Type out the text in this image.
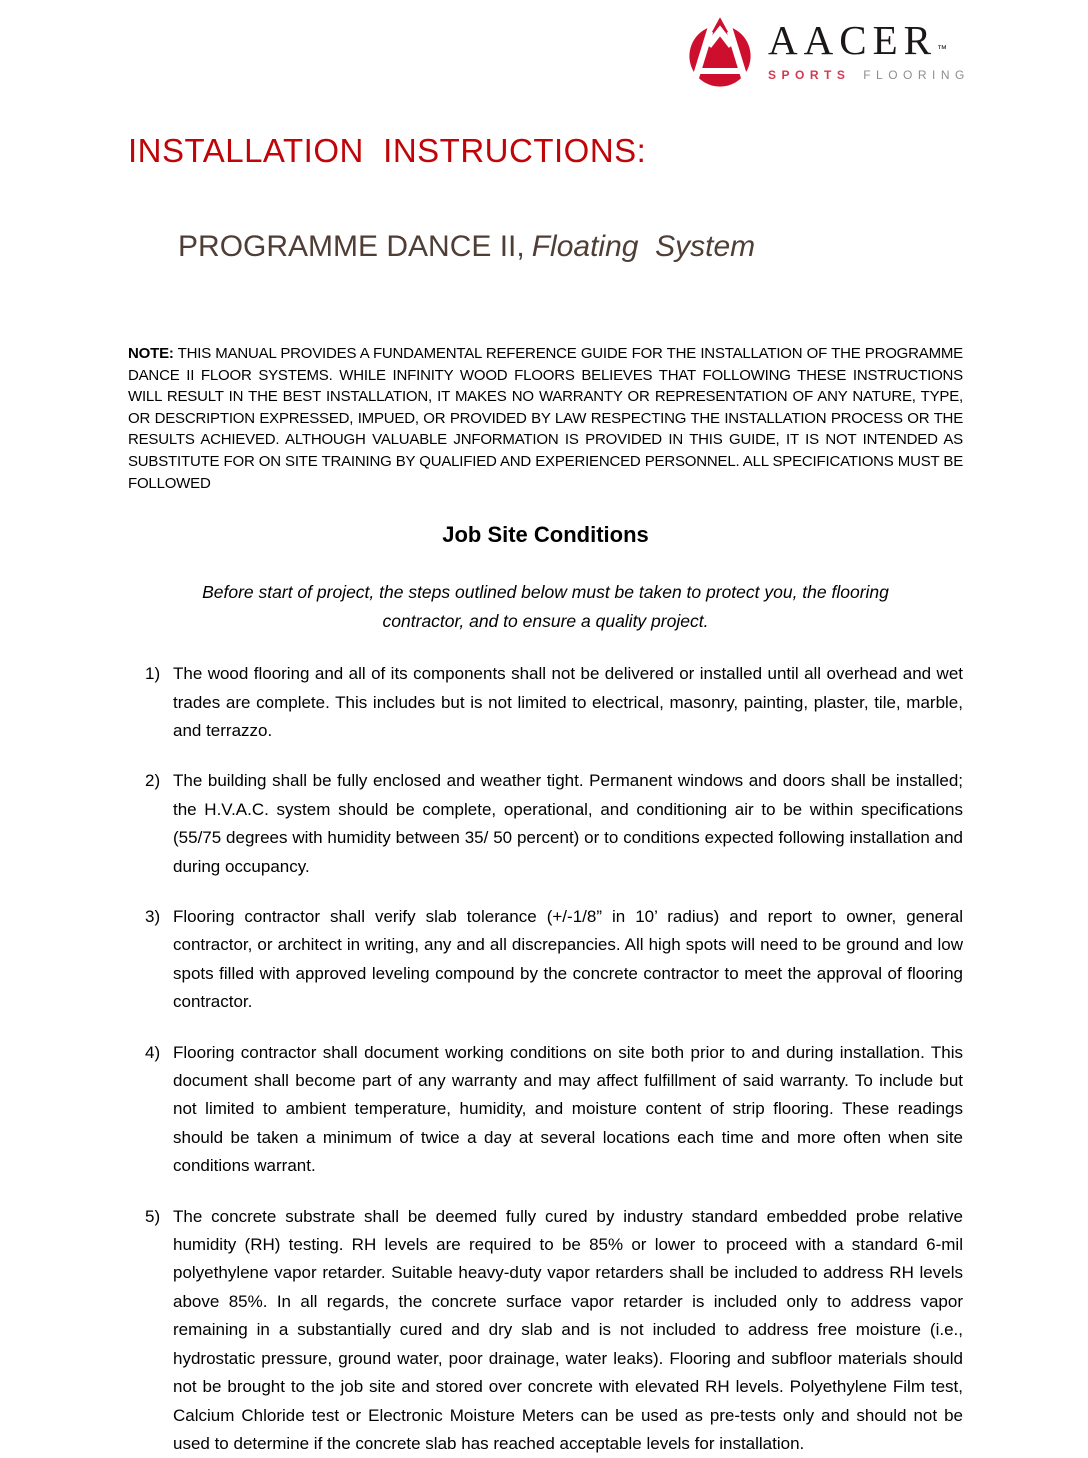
AACER™
SPORTS FLOORING
INSTALLATION  INSTRUCTIONS:

PROGRAMME DANCE II, Floating  System

NOTE: THIS MANUAL PROVIDES A FUNDAMENTAL REFERENCE GUIDE FOR THE INSTALLATION OF THE PROGRAMME DANCE II FLOOR SYSTEMS. WHILE INFINITY WOOD FLOORS BELIEVES THAT FOLLOWING THESE INSTRUCTIONS WILL RESULT IN THE BEST INSTALLATION, IT MAKES NO WARRANTY OR REPRESENTATION OF ANY NATURE, TYPE, OR DESCRIPTION EXPRESSED, IMPUED, OR PROVIDED BY LAW RESPECTING THE INSTALLATION PROCESS OR THE RESULTS ACHIEVED. ALTHOUGH VALUABLE JNFORMATION IS PROVIDED IN THIS GUIDE, IT IS NOT INTENDED AS SUBSTITUTE FOR ON SITE TRAINING BY QUALIFIED AND EXPERIENCED PERSONNEL. ALL SPECIFICATIONS MUST BE FOLLOWED

Job Site Conditions
Before start of project, the steps outlined below must be taken to protect you, the flooring
contractor, and to ensure a quality project.
1) The wood flooring and all of its components shall not be delivered or installed until all overhead and wet trades are complete. This includes but is not limited to electrical, masonry, painting, plaster, tile, marble, and terrazzo.
2) The building shall be fully enclosed and weather tight. Permanent windows and doors shall be installed; the H.V.A.C. system should be complete, operational, and conditioning air to be within specifications (55/75 degrees with humidity between 35/ 50 percent) or to conditions expected following installation and during occupancy.
3) Flooring contractor shall verify slab tolerance (+/-1/8” in 10’ radius) and report to owner, general contractor, or architect in writing, any and all discrepancies. All high spots will need to be ground and low spots filled with approved leveling compound by the concrete contractor to meet the approval of flooring contractor.
4) Flooring contractor shall document working conditions on site both prior to and during installation. This document shall become part of any warranty and may affect fulfillment of said warranty. To include but not limited to ambient temperature, humidity, and moisture content of strip flooring. These readings should be taken a minimum of twice a day at several locations each time and more often when site conditions warrant.
5) The concrete substrate shall be deemed fully cured by industry standard embedded probe relative humidity (RH) testing. RH levels are required to be 85% or lower to proceed with a standard 6-mil polyethylene vapor retarder. Suitable heavy-duty vapor retarders shall be included to address RH levels above 85%. In all regards, the concrete surface vapor retarder is included only to address vapor remaining in a substantially cured and dry slab and is not included to address free moisture (i.e., hydrostatic pressure, ground water, poor drainage, water leaks). Flooring and subfloor materials should not be brought to the job site and stored over concrete with elevated RH levels. Polyethylene Film test, Calcium Chloride test or Electronic Moisture Meters can be used as pre-tests only and should not be used to determine if the concrete slab has reached acceptable levels for installation.
